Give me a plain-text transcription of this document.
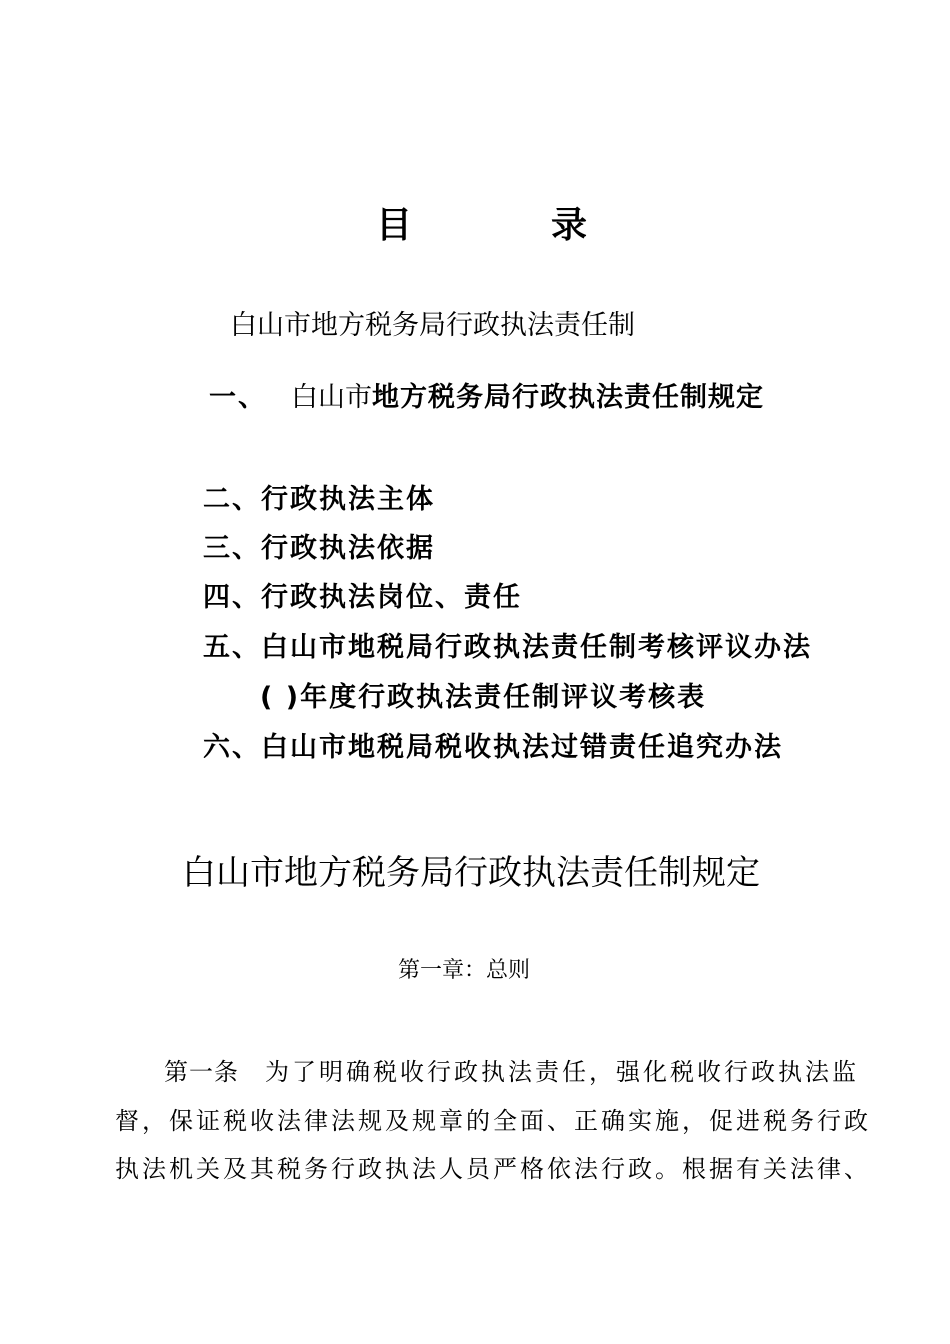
目	录
白山市地方税务局行政执法责任制
一、 白山市地方税务局行政执法责任制规定
二、行政执法主体
三、行政执法依据
四、行政执法岗位、责任
五、白山市地税局行政执法责任制考核评议办法
( )年度行政执法责任制评议考核表
六、白山市地税局税收执法过错责任追究办法
白山市地方税务局行政执法责任制规定
第一章：总则
第一条 为了明确税收行政执法责任，强化税收行政执法监
督，保证税收法律法规及规章的全面、正确实施，促进税务行政
执法机关及其税务行政执法人员严格依法行政。根据有关法律、
